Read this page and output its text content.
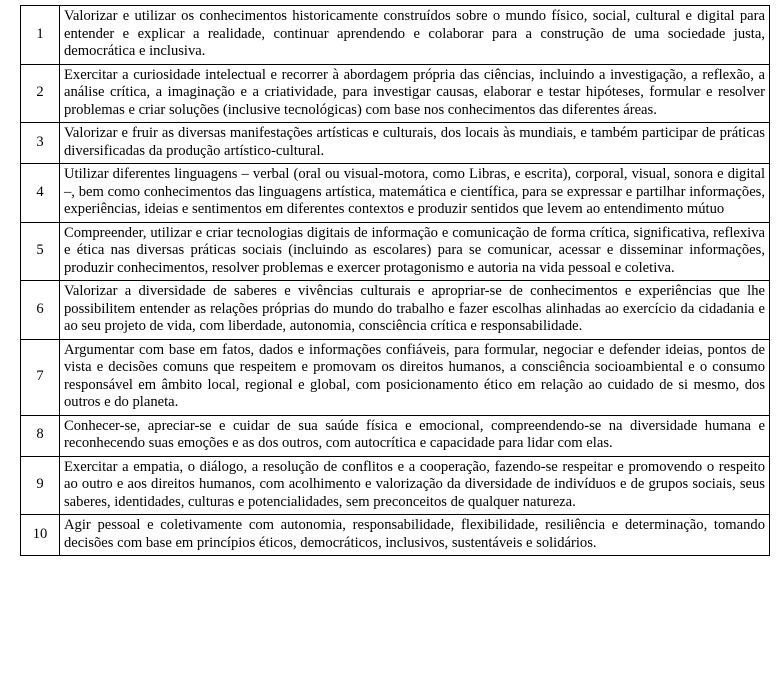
1	Valorizar e utilizar os conhecimentos historicamente construídos sobre o mundo físico, social, cultural e digital para entender e explicar a realidade, continuar aprendendo e colaborar para a construção de uma sociedade justa, democrática e inclusiva.
2	Exercitar a curiosidade intelectual e recorrer à abordagem própria das ciências, incluindo a investigação, a reflexão, a análise crítica, a imaginação e a criatividade, para investigar causas, elaborar e testar hipóteses, formular e resolver problemas e criar soluções (inclusive tecnológicas) com base nos conhecimentos das diferentes áreas.
3	Valorizar e fruir as diversas manifestações artísticas e culturais, dos locais às mundiais, e também participar de práticas diversificadas da produção artístico-cultural.
4	Utilizar diferentes linguagens – verbal (oral ou visual-motora, como Libras, e escrita), corporal, visual, sonora e digital –, bem como conhecimentos das linguagens artística, matemática e científica, para se expressar e partilhar informações, experiências, ideias e sentimentos em diferentes contextos e produzir sentidos que levem ao entendimento mútuo
5	Compreender, utilizar e criar tecnologias digitais de informação e comunicação de forma crítica, significativa, reflexiva e ética nas diversas práticas sociais (incluindo as escolares) para se comunicar, acessar e disseminar informações, produzir conhecimentos, resolver problemas e exercer protagonismo e autoria na vida pessoal e coletiva.
6	Valorizar a diversidade de saberes e vivências culturais e apropriar-se de conhecimentos e experiências que lhe possibilitem entender as relações próprias do mundo do trabalho e fazer escolhas alinhadas ao exercício da cidadania e ao seu projeto de vida, com liberdade, autonomia, consciência crítica e responsabilidade.
7	Argumentar com base em fatos, dados e informações confiáveis, para formular, negociar e defender ideias, pontos de vista e decisões comuns que respeitem e promovam os direitos humanos, a consciência socioambiental e o consumo responsável em âmbito local, regional e global, com posicionamento ético em relação ao cuidado de si mesmo, dos outros e do planeta.
8	Conhecer-se, apreciar-se e cuidar de sua saúde física e emocional, compreendendo-se na diversidade humana e reconhecendo suas emoções e as dos outros, com autocrítica e capacidade para lidar com elas.
9	Exercitar a empatia, o diálogo, a resolução de conflitos e a cooperação, fazendo-se respeitar e promovendo o respeito ao outro e aos direitos humanos, com acolhimento e valorização da diversidade de indivíduos e de grupos sociais, seus saberes, identidades, culturas e potencialidades, sem preconceitos de qualquer natureza.
10	Agir pessoal e coletivamente com autonomia, responsabilidade, flexibilidade, resiliência e determinação, tomando decisões com base em princípios éticos, democráticos, inclusivos, sustentáveis e solidários.
